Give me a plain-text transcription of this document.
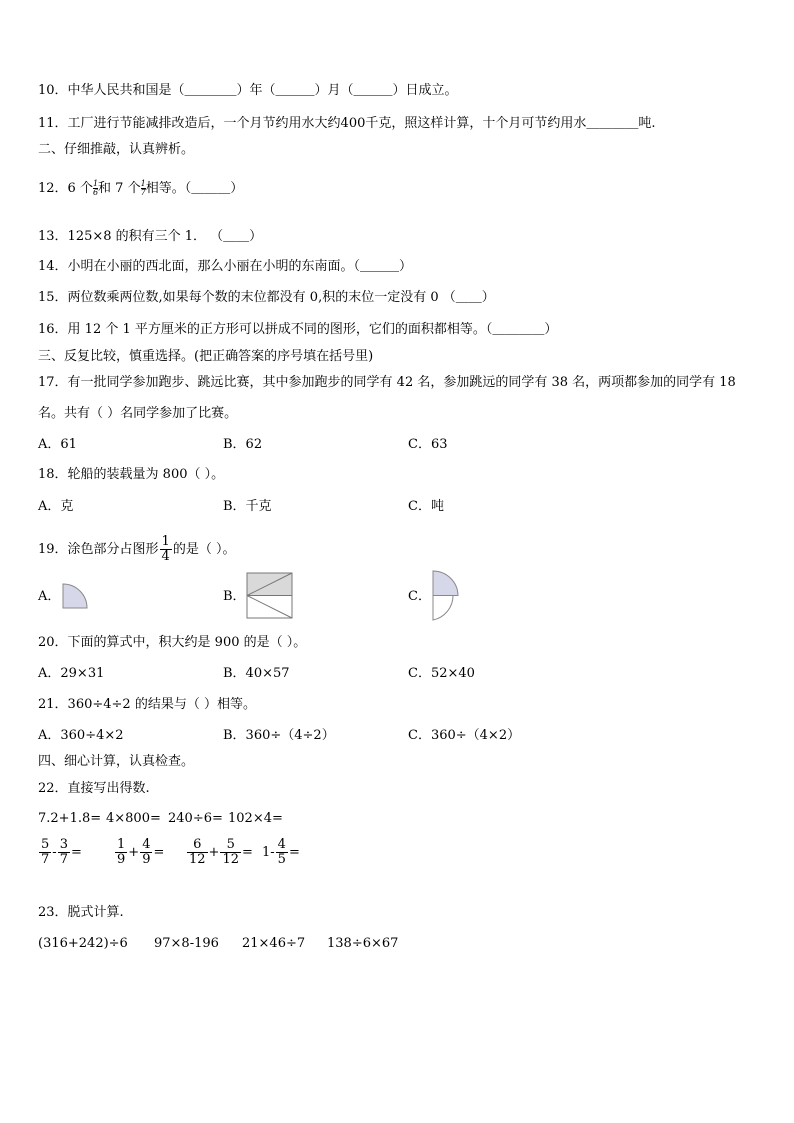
10．中华人民共和国是（＿＿＿＿）年（＿＿＿）月（＿＿＿）日成立。
11．工厂进行节能减排改造后，一个月节约用水大约400千克，照这样计算，十个月可节约用水＿＿＿＿吨.
二、仔细推敲，认真辨析。
12．6 个 $\frac{1}{6}$ 和 7 个 $\frac{1}{7}$ 相等。（＿＿＿）
13．125×8 的积有三个 1． （＿＿）
14．小明在小丽的西北面，那么小丽在小明的东南面。（＿＿＿）
15．两位数乘两位数,如果每个数的末位都没有 0,积的末位一定没有 0 （＿＿）
16．用 12 个 1 平方厘米的正方形可以拼成不同的图形，它们的面积都相等。（＿＿＿＿）
三、反复比较，慎重选择。(把正确答案的序号填在括号里)
17．有一批同学参加跑步、跳远比赛，其中参加跑步的同学有 42 名，参加跳远的同学有 38 名，两项都参加的同学有 18
名。共有（ ）名同学参加了比赛。
A．61	B．62	C．63
18．轮船的装载量为 800（ ）。
A．克	B．千克	C．吨
19．涂色部分占图形 $\frac{1}{4}$ 的是（ ）。
A．	B．	C．
20．下面的算式中，积大约是 900 的是（ ）。
A．29×31	B．40×57	C．52×40
21．360÷4÷2 的结果与（ ）相等。
A．360÷4×2	B．360÷（4÷2）	C．360÷（4×2）
四、细心计算，认真检查。
22．直接写出得数.
7.2+1.8= 4×800= 240÷6= 102×4=
$\frac{5}{7} - \frac{3}{7}$ =	$\frac{1}{9} + \frac{4}{9} = \frac{6}{12} + \frac{5}{12} = 1- \frac{4}{5}$ =
23．脱式计算.
(316+242)÷6 97×8-196 21×46÷7 138÷6×67
